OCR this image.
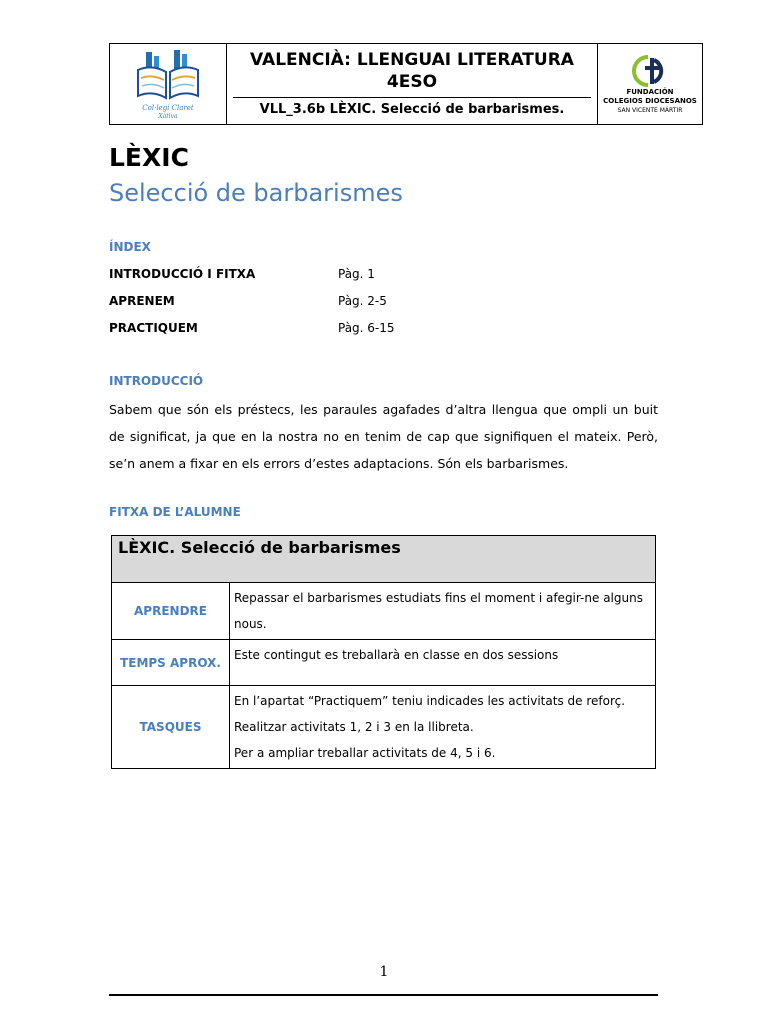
Col·legi Claret
Xàtiva
VALENCIÀ: LLENGUAI LITERATURA
4ESO
VLL_3.6b LÈXIC. Selecció de barbarismes.
FUNDACIÓN
COLEGIOS DIOCESANOS
SAN VICENTE MÁRTIR
LÈXIC
Selecció de barbarismes
ÍNDEX
INTRODUCCIÓ I FITXA	Pàg. 1
APRENEM	Pàg. 2-5
PRACTIQUEM	Pàg. 6-15
INTRODUCCIÓ
Sabem que són els préstecs, les paraules agafades d’altra llengua que ompli un buit de significat, ja que en la nostra no en tenim de cap que signifiquen el mateix. Però, se’n anem a fixar en els errors d’estes adaptacions. Són els barbarismes.
FITXA DE L’ALUMNE
LÈXIC. Selecció de barbarismes	
APRENDRE	Repassar el barbarismes estudiats fins el moment i afegir-ne alguns nous.
TEMPS APROX.	Este contingut es treballarà en classe en dos sessions
TASQUES	En l’apartat “Practiquem” teniu indicades les activitats de reforç.
Realitzar activitats 1, 2 i 3 en la llibreta.
Per a ampliar treballar activitats de 4, 5 i 6.
1
